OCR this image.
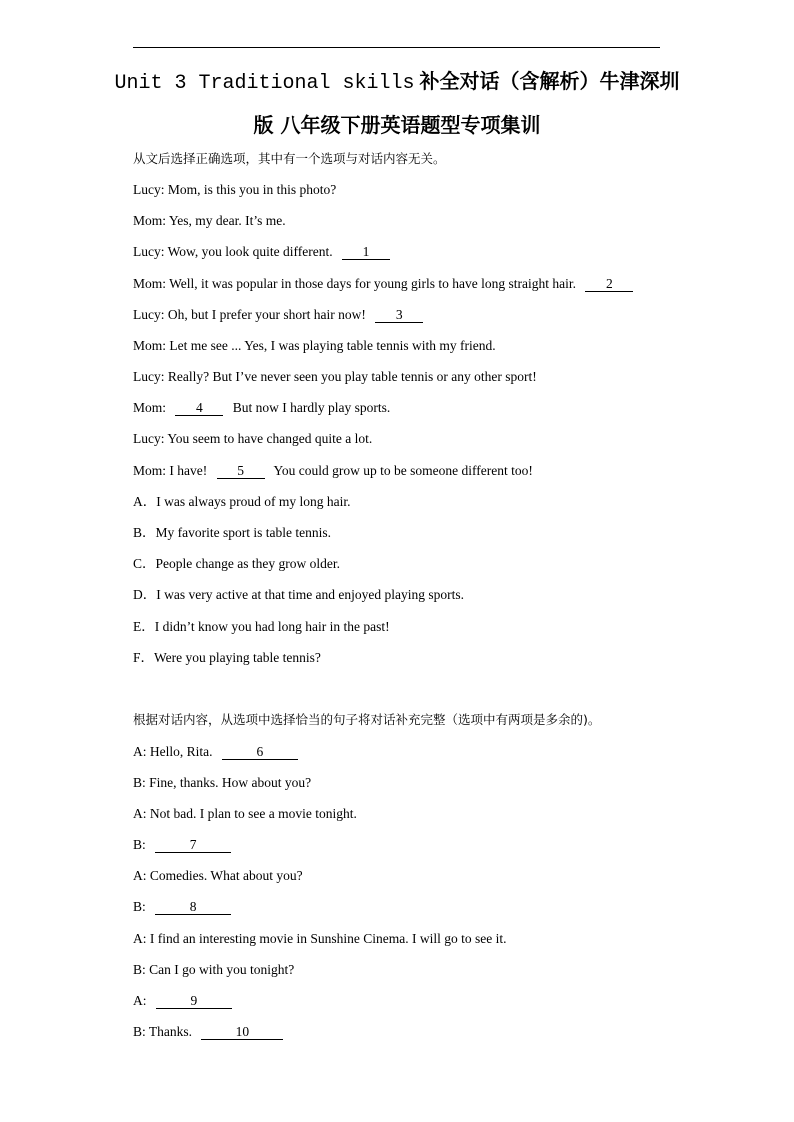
Unit 3 Traditional skills 补全对话（含解析）牛津深圳
版 八年级下册英语题型专项集训
从文后选择正确选项，其中有一个选项与对话内容无关。
Lucy: Mom, is this you in this photo?
Mom: Yes, my dear. It’s me.
Lucy: Wow, you look quite different. 1
Mom: Well, it was popular in those days for young girls to have long straight hair. 2
Lucy: Oh, but I prefer your short hair now! 3
Mom: Let me see ... Yes, I was playing table tennis with my friend.
Lucy: Really? But I’ve never seen you play table tennis or any other sport!
Mom: 4 But now I hardly play sports.
Lucy: You seem to have changed quite a lot.
Mom: I have! 5 You could grow up to be someone different too!
A．I was always proud of my long hair.
B．My favorite sport is table tennis.
C．People change as they grow older.
D．I was very active at that time and enjoyed playing sports.
E．I didn’t know you had long hair in the past!
F．Were you playing table tennis?
根据对话内容，从选项中选择恰当的句子将对话补充完整（选项中有两项是多余的)。
A: Hello, Rita.	6
B: Fine, thanks. How about you?
A: Not bad. I plan to see a movie tonight.
B:	7
A: Comedies. What about you?
B:	8
A: I find an interesting movie in Sunshine Cinema. I will go to see it.
B: Can I go with you tonight?
A:	9
B: Thanks.	10
